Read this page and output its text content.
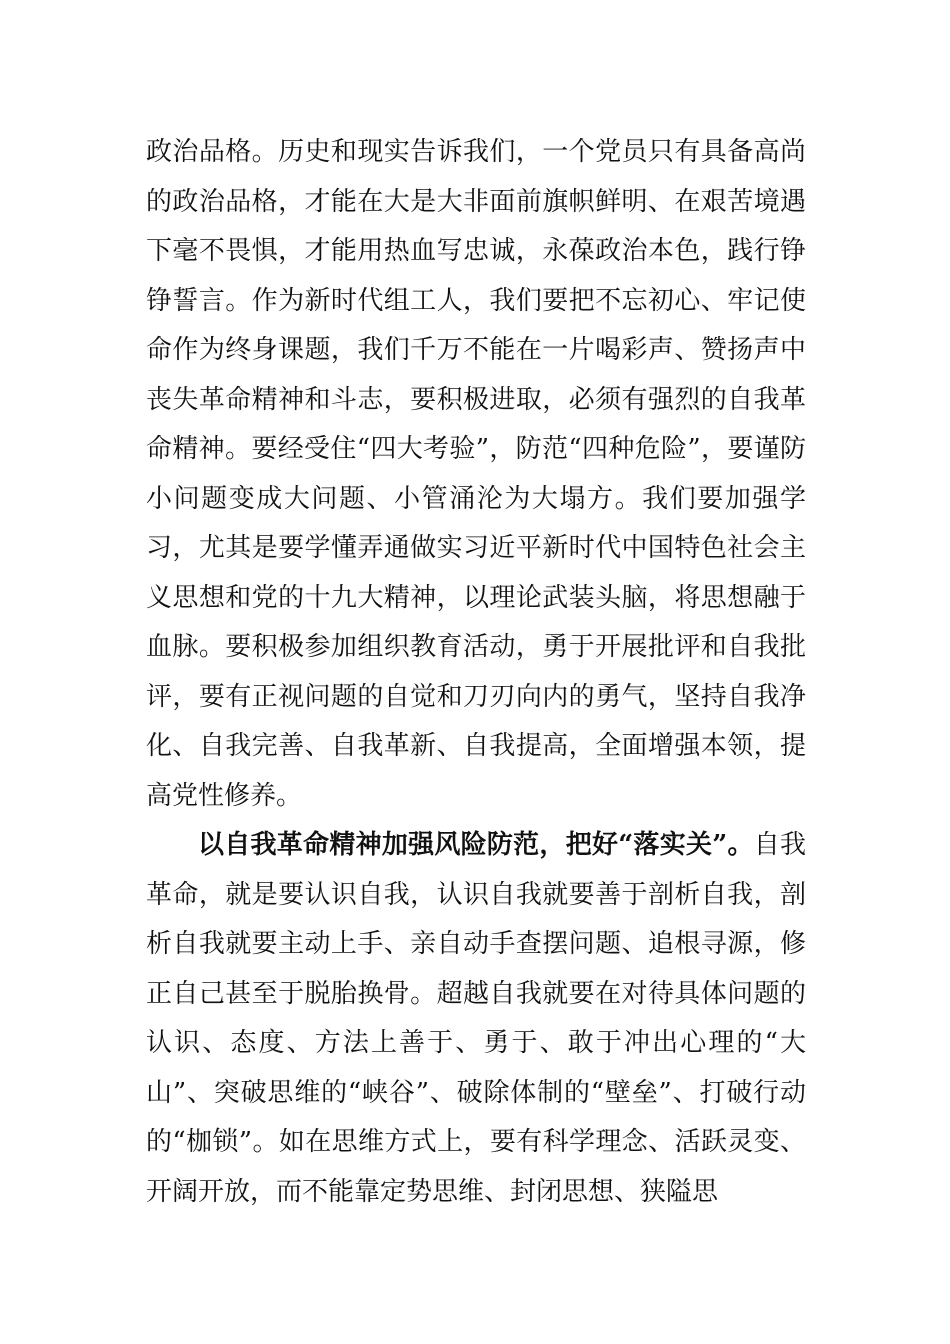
政治品格。历史和现实告诉我们，一个党员只有具备高尚的政治品格，才能在大是大非面前旗帜鲜明、在艰苦境遇下毫不畏惧，才能用热血写忠诚，永葆政治本色，践行铮铮誓言。作为新时代组工人，我们要把不忘初心、牢记使命作为终身课题，我们千万不能在一片喝彩声、赞扬声中丧失革命精神和斗志，要积极进取，必须有强烈的自我革命精神。要经受住“四大考验”，防范“四种危险”，要谨防小问题变成大问题、小管涌沦为大塌方。我们要加强学习，尤其是要学懂弄通做实习近平新时代中国特色社会主义思想和党的十九大精神，以理论武装头脑，将思想融于血脉。要积极参加组织教育活动，勇于开展批评和自我批评，要有正视问题的自觉和刀刃向内的勇气，坚持自我净化、自我完善、自我革新、自我提高，全面增强本领，提高党性修养。

以自我革命精神加强风险防范，把好“落实关”。自我革命，就是要认识自我，认识自我就要善于剖析自我，剖析自我就要主动上手、亲自动手查摆问题、追根寻源，修正自己甚至于脱胎换骨。超越自我就要在对待具体问题的认识、态度、方法上善于、勇于、敢于冲出心理的“大山”、突破思维的“峡谷”、破除体制的“壁垒”、打破行动的“枷锁”。如在思维方式上，要有科学理念、活跃灵变、开阔开放，而不能靠定势思维、封闭思想、狭隘思
